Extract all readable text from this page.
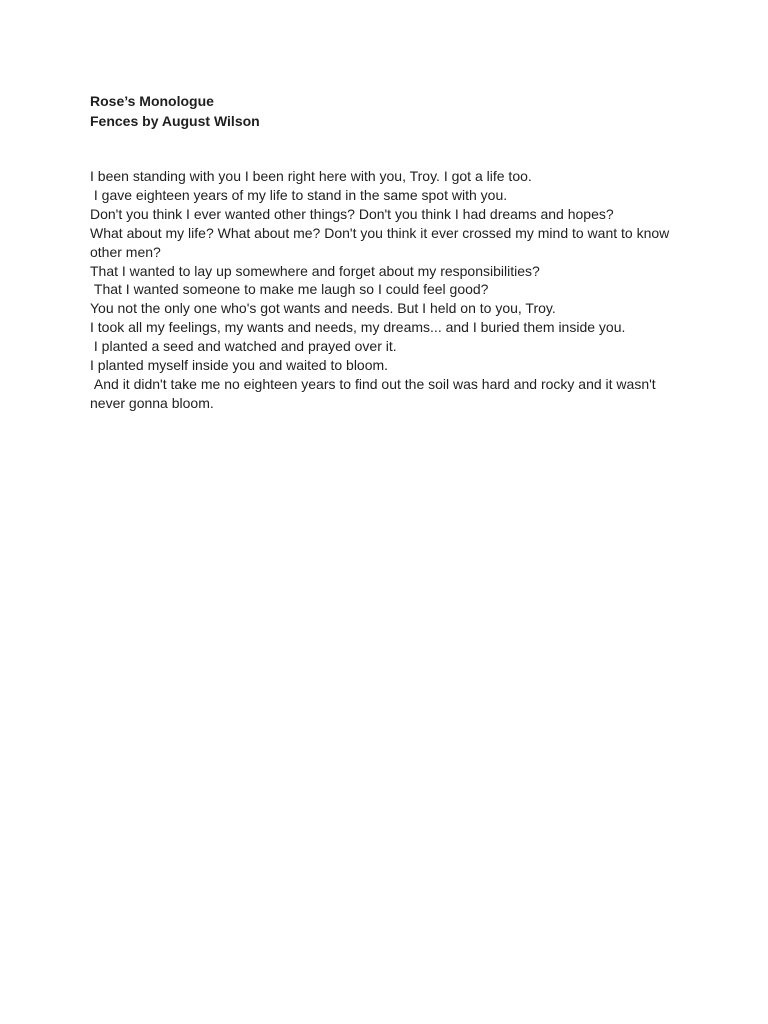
Rose’s Monologue
Fences by August Wilson
I been standing with you I been right here with you, Troy. I got a life too.
I gave eighteen years of my life to stand in the same spot with you.
Don't you think I ever wanted other things? Don't you think I had dreams and hopes?
What about my life? What about me? Don't you think it ever crossed my mind to want to know other men?
That I wanted to lay up somewhere and forget about my responsibilities?
That I wanted someone to make me laugh so I could feel good?
You not the only one who's got wants and needs. But I held on to you, Troy.
I took all my feelings, my wants and needs, my dreams... and I buried them inside you.
I planted a seed and watched and prayed over it.
I planted myself inside you and waited to bloom.
And it didn't take me no eighteen years to find out the soil was hard and rocky and it wasn't never gonna bloom.
